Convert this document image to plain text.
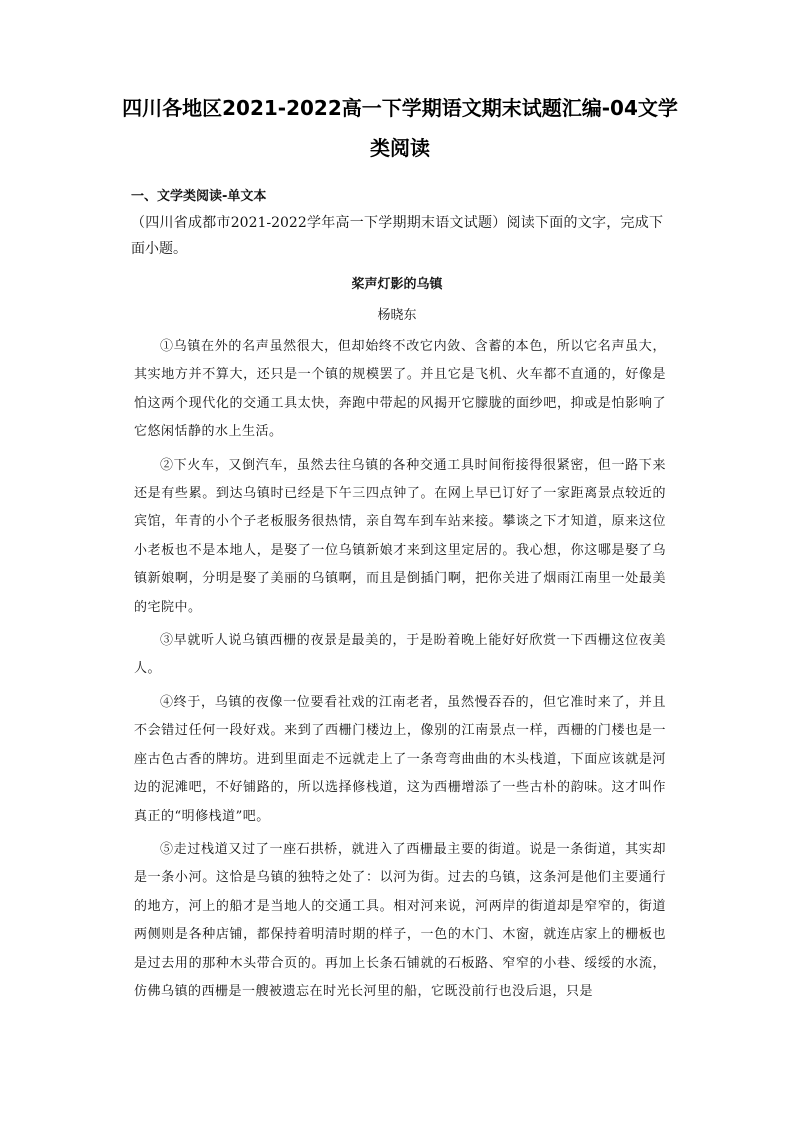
四川各地区2021-2022高一下学期语文期末试题汇编-04文学类阅读
一、文学类阅读-单文本

（四川省成都市2021-2022学年高一下学期期末语文试题）阅读下面的文字，完成下面小题。

桨声灯影的乌镇

杨晓东

①乌镇在外的名声虽然很大，但却始终不改它内敛、含蓄的本色，所以它名声虽大，其实地方并不算大，还只是一个镇的规模罢了。并且它是飞机、火车都不直通的，好像是怕这两个现代化的交通工具太快，奔跑中带起的风揭开它朦胧的面纱吧，抑或是怕影响了它悠闲恬静的水上生活。

②下火车，又倒汽车，虽然去往乌镇的各种交通工具时间衔接得很紧密，但一路下来还是有些累。到达乌镇时已经是下午三四点钟了。在网上早已订好了一家距离景点较近的宾馆，年青的小个子老板服务很热情，亲自驾车到车站来接。攀谈之下才知道，原来这位小老板也不是本地人，是娶了一位乌镇新娘才来到这里定居的。我心想，你这哪是娶了乌镇新娘啊，分明是娶了美丽的乌镇啊，而且是倒插门啊，把你关进了烟雨江南里一处最美的宅院中。

③早就听人说乌镇西栅的夜景是最美的，于是盼着晚上能好好欣赏一下西栅这位夜美人。

④终于，乌镇的夜像一位要看社戏的江南老者，虽然慢吞吞的，但它准时来了，并且不会错过任何一段好戏。来到了西栅门楼边上，像别的江南景点一样，西栅的门楼也是一座古色古香的牌坊。进到里面走不远就走上了一条弯弯曲曲的木头栈道，下面应该就是河边的泥滩吧，不好铺路的，所以选择修栈道，这为西栅增添了一些古朴的韵味。这才叫作真正的“明修栈道”吧。

⑤走过栈道又过了一座石拱桥，就进入了西栅最主要的街道。说是一条街道，其实却是一条小河。这恰是乌镇的独特之处了：以河为街。过去的乌镇，这条河是他们主要通行的地方，河上的船才是当地人的交通工具。相对河来说，河两岸的街道却是窄窄的，街道两侧则是各种店铺，都保持着明清时期的样子，一色的木门、木窗，就连店家上的栅板也是过去用的那种木头带合页的。再加上长条石铺就的石板路、窄窄的小巷、绥绥的水流，仿佛乌镇的西栅是一艘被遗忘在时光长河里的船，它既没前行也没后退，只是
